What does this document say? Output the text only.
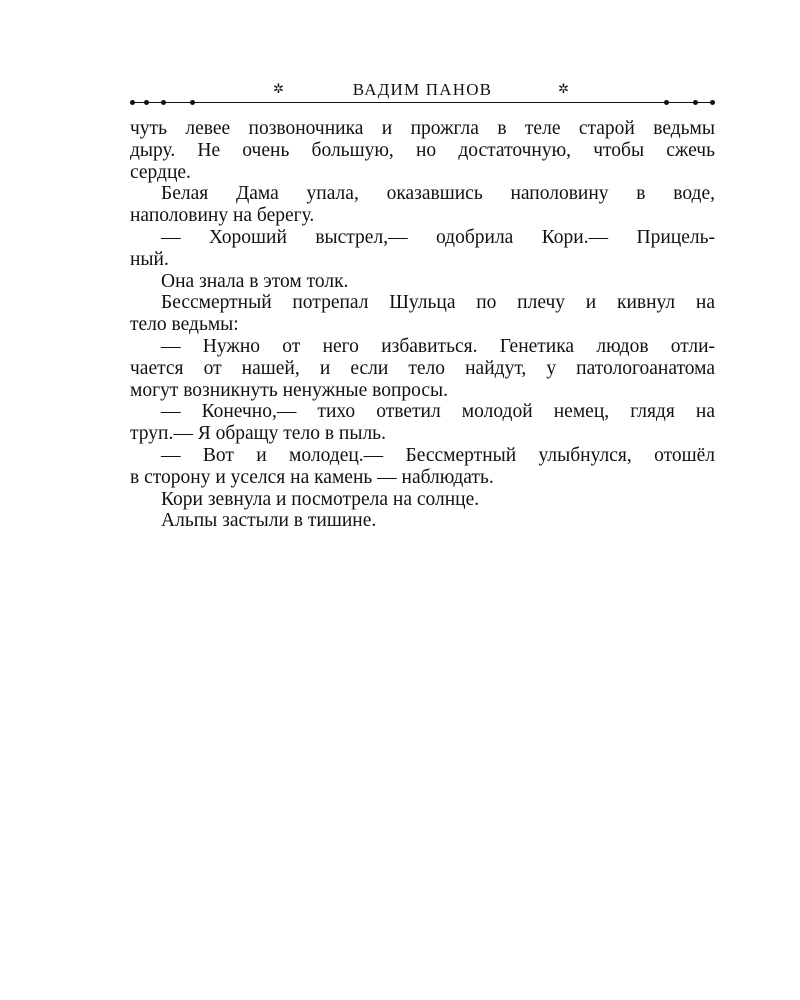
✲	ВАДИМ ПАНОВ	✲
чуть левее позвоночника и прожгла в теле старой ведьмы
дыру. Не очень большую, но достаточную, чтобы сжечь
сердце.
Белая Дама упала, оказавшись наполовину в воде,
наполовину на берегу.
— Хороший выстрел,— одобрила Кори.— Прицель-
ный.
Она знала в этом толк.
Бессмертный потрепал Шульца по плечу и кивнул на
тело ведьмы:
— Нужно от него избавиться. Генетика людов отли-
чается от нашей, и если тело найдут, у патологоанатома
могут возникнуть ненужные вопросы.
— Конечно,— тихо ответил молодой немец, глядя на
труп.— Я обращу тело в пыль.
— Вот и молодец.— Бессмертный улыбнулся, отошёл
в сторону и уселся на камень — наблюдать.
Кори зевнула и посмотрела на солнце.
Альпы застыли в тишине.
